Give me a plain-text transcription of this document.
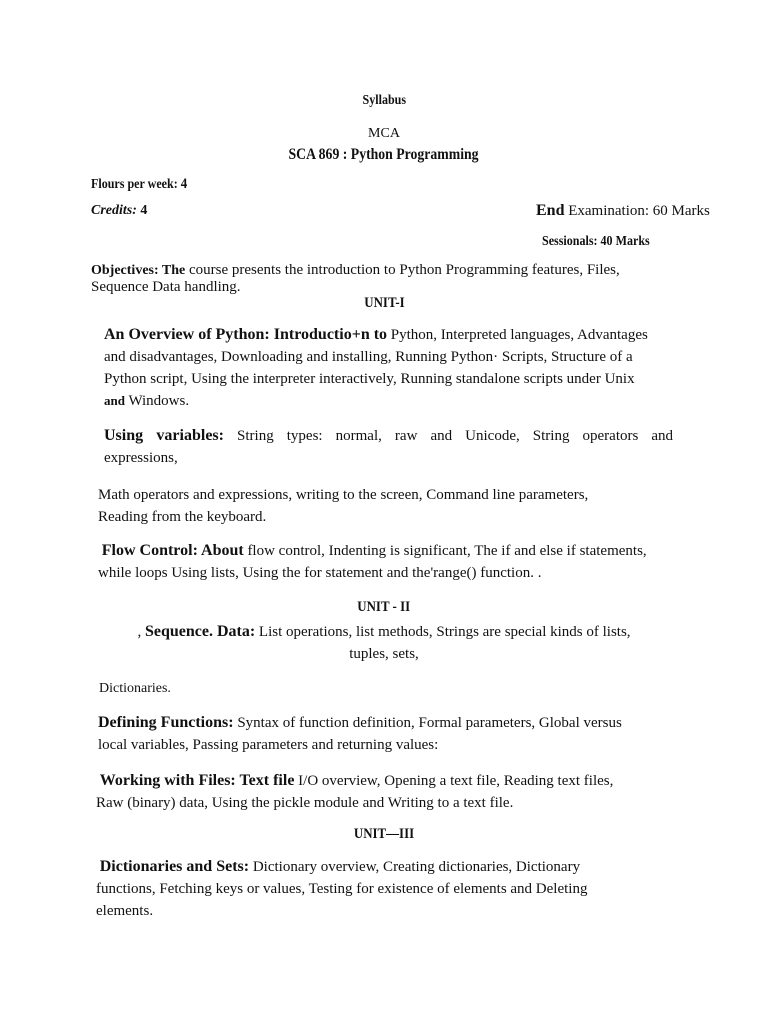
Syllabus
MCA
SCA 869 : Python Programming
Flours per week: 4
Credits: 4	End Examination: 60 Marks
Sessionals: 40 Marks
Objectives: The course presents the introduction to Python Programming features, Files,
Sequence Data handling.
UNIT-I
An Overview of Python: Introductio+n to Python, Interpreted languages, Advantages
and disadvantages, Downloading and installing, Running Python· Scripts, Structure of a
Python script, Using the interpreter interactively, Running standalone scripts under Unix
and Windows.
Using variables: String types: normal, raw and Unicode, String operators and
expressions,
Math operators and expressions, writing to the screen, Command line parameters,
Reading from the keyboard.
Flow Control: About flow control, Indenting is significant, The if and else if statements,
while loops Using lists, Using the for statement and the'range() function. .
UNIT - II
, Sequence. Data: List operations, list methods, Strings are special kinds of lists,
tuples, sets,
Dictionaries.
Defining Functions: Syntax of function definition, Formal parameters, Global versus
local variables, Passing parameters and returning values:
Working with Files: Text file I/O overview, Opening a text file, Reading text files,
Raw (binary) data, Using the pickle module and Writing to a text file.
UNIT—III
Dictionaries and Sets: Dictionary overview, Creating dictionaries, Dictionary
functions, Fetching keys or values, Testing for existence of elements and Deleting
elements.
